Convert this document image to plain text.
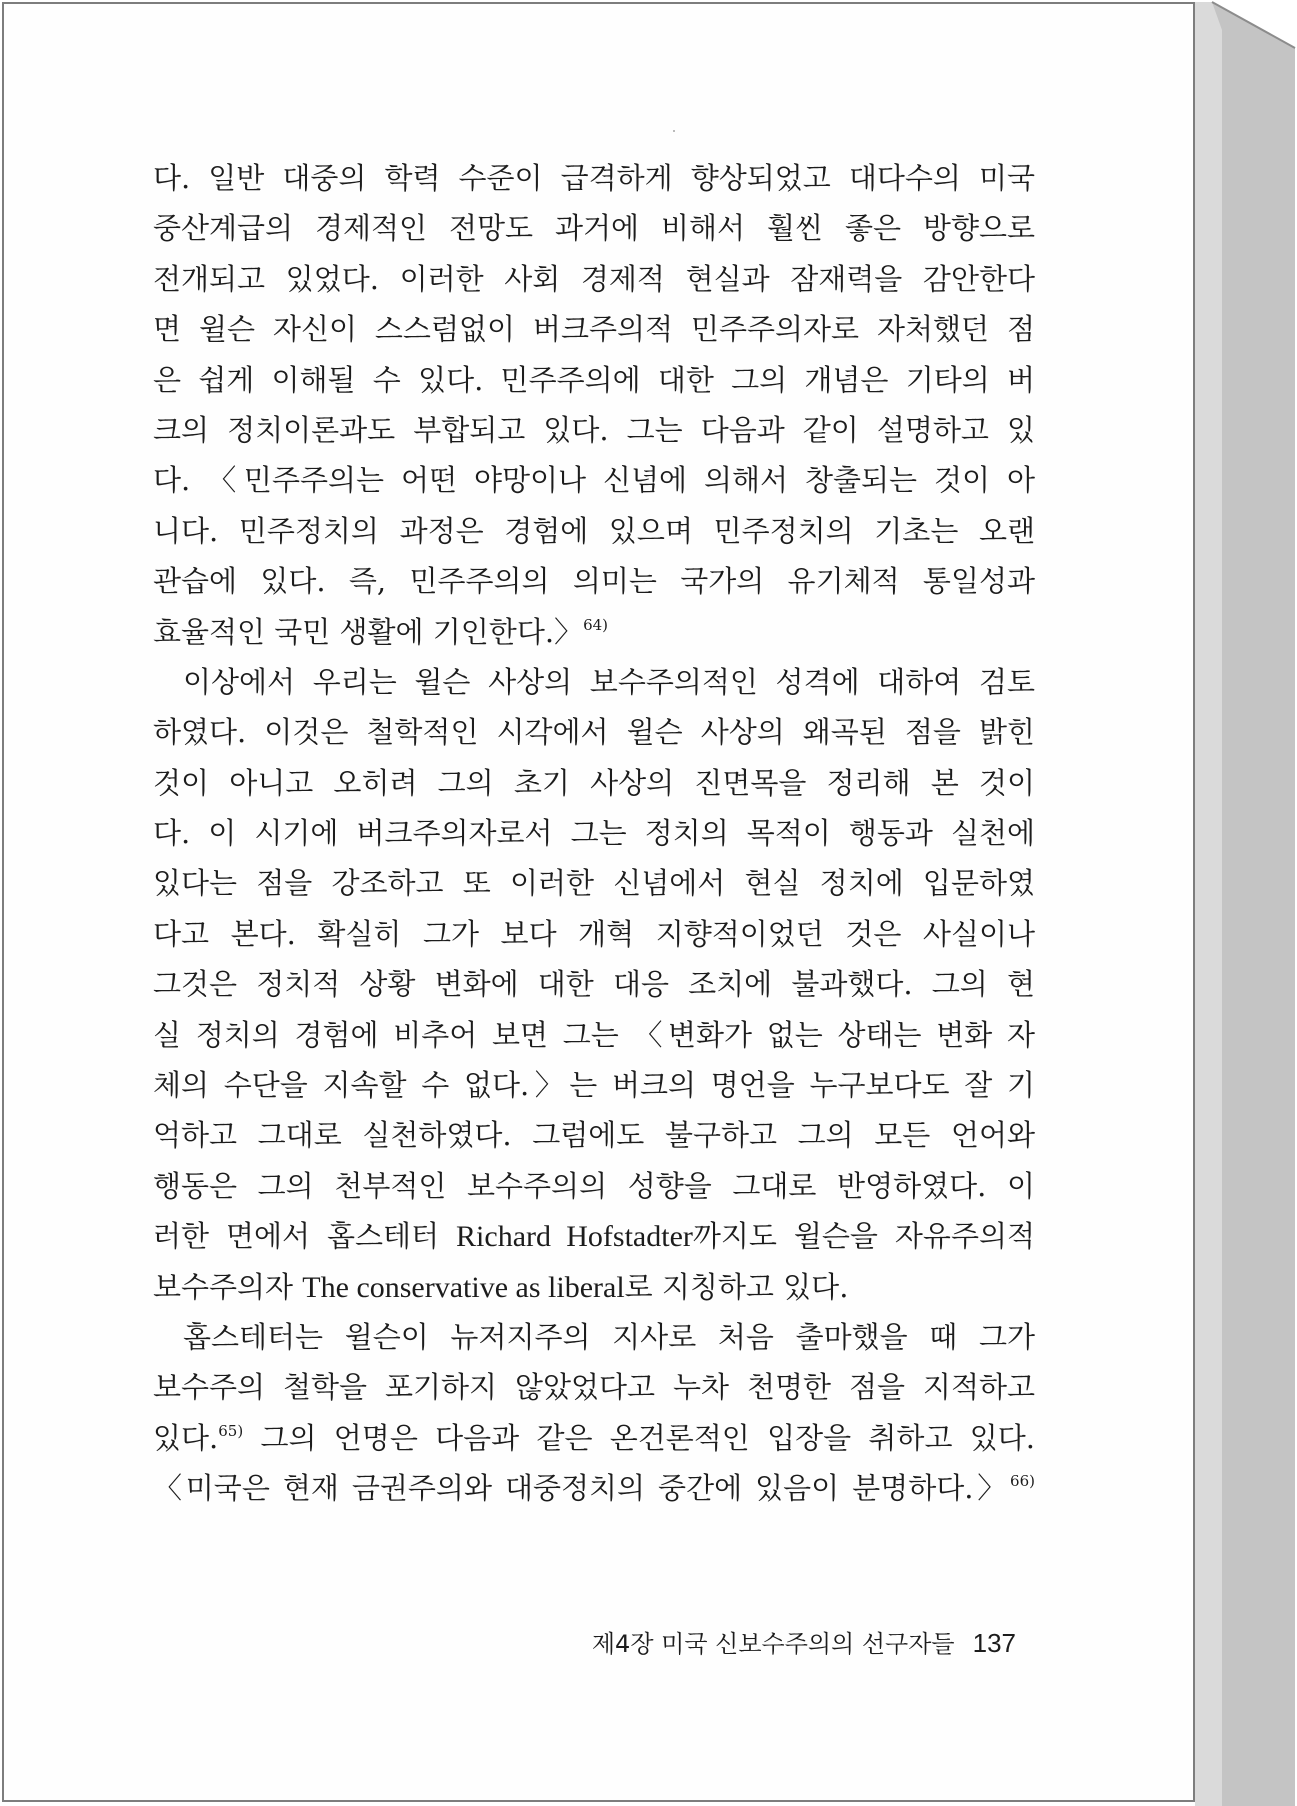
다. 일반 대중의 학력 수준이 급격하게 향상되었고 대다수의 미국
중산계급의 경제적인 전망도 과거에 비해서 훨씬 좋은 방향으로
전개되고 있었다. 이러한 사회 경제적 현실과 잠재력을 감안한다
면 윌슨 자신이 스스럼없이 버크주의적 민주주의자로 자처했던 점
은 쉽게 이해될 수 있다. 민주주의에 대한 그의 개념은 기타의 버
크의 정치이론과도 부합되고 있다. 그는 다음과 같이 설명하고 있
다. 〈민주주의는 어떤 야망이나 신념에 의해서 창출되는 것이 아
니다. 민주정치의 과정은 경험에 있으며 민주정치의 기초는 오랜
관습에 있다. 즉, 민주주의의 의미는 국가의 유기체적 통일성과
효율적인 국민 생활에 기인한다.〉$^{64)}$
이상에서 우리는 윌슨 사상의 보수주의적인 성격에 대하여 검토
하였다. 이것은 철학적인 시각에서 윌슨 사상의 왜곡된 점을 밝힌
것이 아니고 오히려 그의 초기 사상의 진면목을 정리해 본 것이
다. 이 시기에 버크주의자로서 그는 정치의 목적이 행동과 실천에
있다는 점을 강조하고 또 이러한 신념에서 현실 정치에 입문하였
다고 본다. 확실히 그가 보다 개혁 지향적이었던 것은 사실이나
그것은 정치적 상황 변화에 대한 대응 조치에 불과했다. 그의 현
실 정치의 경험에 비추어 보면 그는 〈변화가 없는 상태는 변화 자
체의 수단을 지속할 수 없다.〉는 버크의 명언을 누구보다도 잘 기
억하고 그대로 실천하였다. 그럼에도 불구하고 그의 모든 언어와
행동은 그의 천부적인 보수주의의 성향을 그대로 반영하였다. 이
러한 면에서 홉스테터 Richard Hofstadter까지도 윌슨을 자유주의적
보수주의자 The conservative as liberal로 지칭하고 있다.
홉스테터는 윌슨이 뉴저지주의 지사로 처음 출마했을 때 그가
보수주의 철학을 포기하지 않았었다고 누차 천명한 점을 지적하고
있다.$^{65)}$ 그의 언명은 다음과 같은 온건론적인 입장을 취하고 있다.
〈미국은 현재 금권주의와 대중정치의 중간에 있음이 분명하다.〉$^{66)}$
제4장 미국 신보수주의의 선구자들 137
